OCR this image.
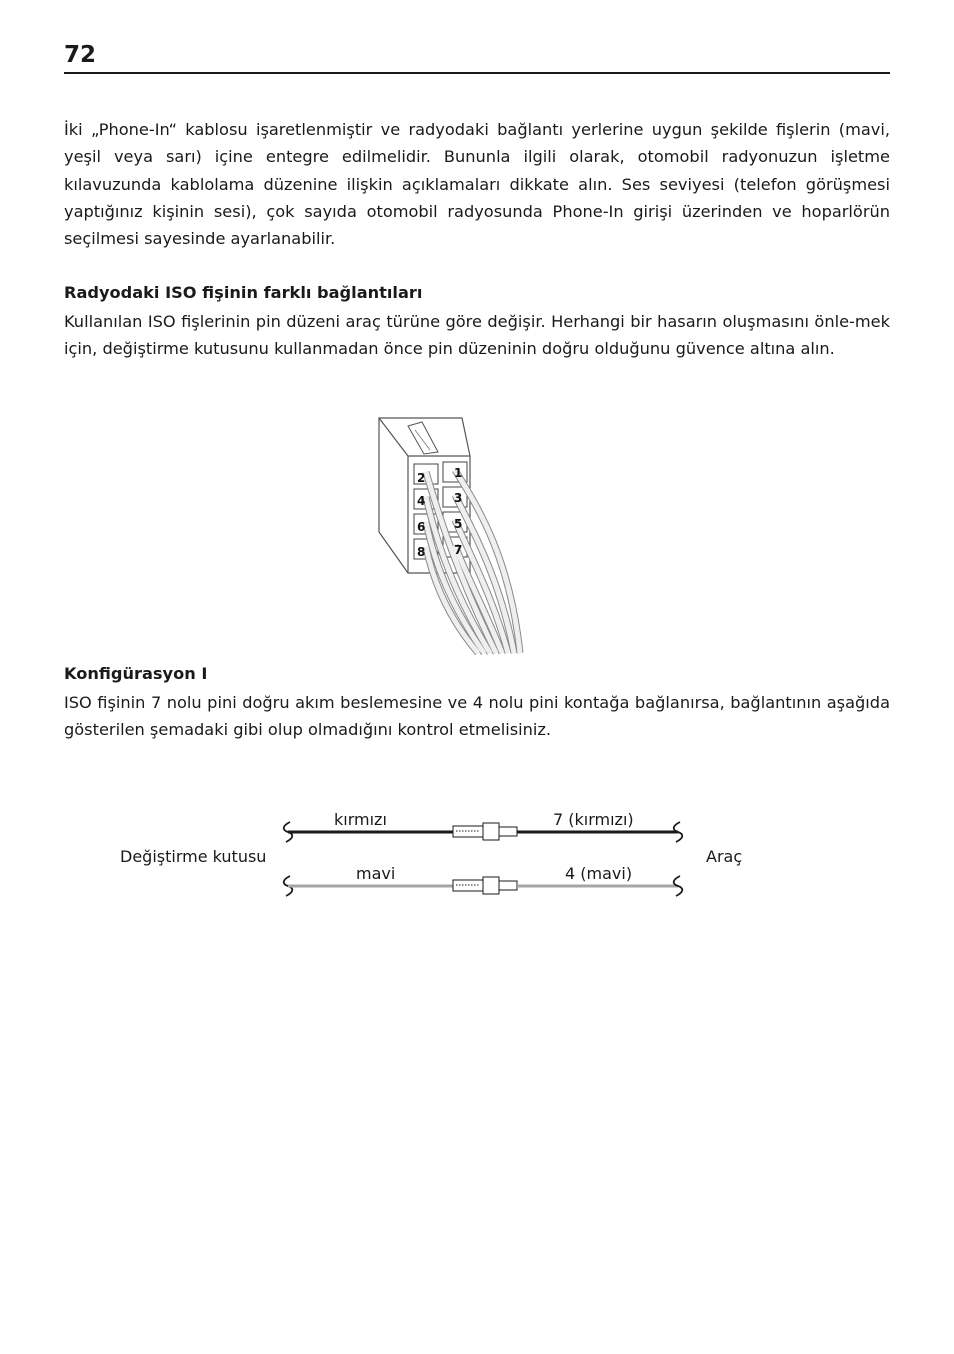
72

İki „Phone-In“ kablosu işaretlenmiştir ve radyodaki bağlantı yerlerine uygun şekilde fişlerin (mavi, yeşil veya sarı) içine entegre edilmelidir. Bununla ilgili olarak, otomobil radyonuzun işletme kılavuzunda kablolama düzenine ilişkin açıklamaları dikkate alın. Ses seviyesi (telefon görüşmesi yaptığınız kişinin sesi), çok sayıda otomobil radyosunda Phone-In girişi üzerinden ve hoparlörün seçilmesi sayesinde ayarlanabilir.

Radyodaki ISO fişinin farklı bağlantıları

Kullanılan ISO fişlerinin pin düzeni araç türüne göre değişir. Herhangi bir hasarın oluşmasını önle-mek için, değiştirme kutusunu kullanmadan önce pin düzeninin doğru olduğunu güvence altına alın.

2 1
4 3
6 5
8 7

Konfigürasyon I

ISO fişinin 7 nolu pini doğru akım beslemesine ve 4 nolu pini kontağa bağlanırsa, bağlantının aşağıda gösterilen şemadaki gibi olup olmadığını kontrol etmelisiniz.

Değiştirme kutusu	Araç
kırmızı	7 (kırmızı)
mavi	4 (mavi)
